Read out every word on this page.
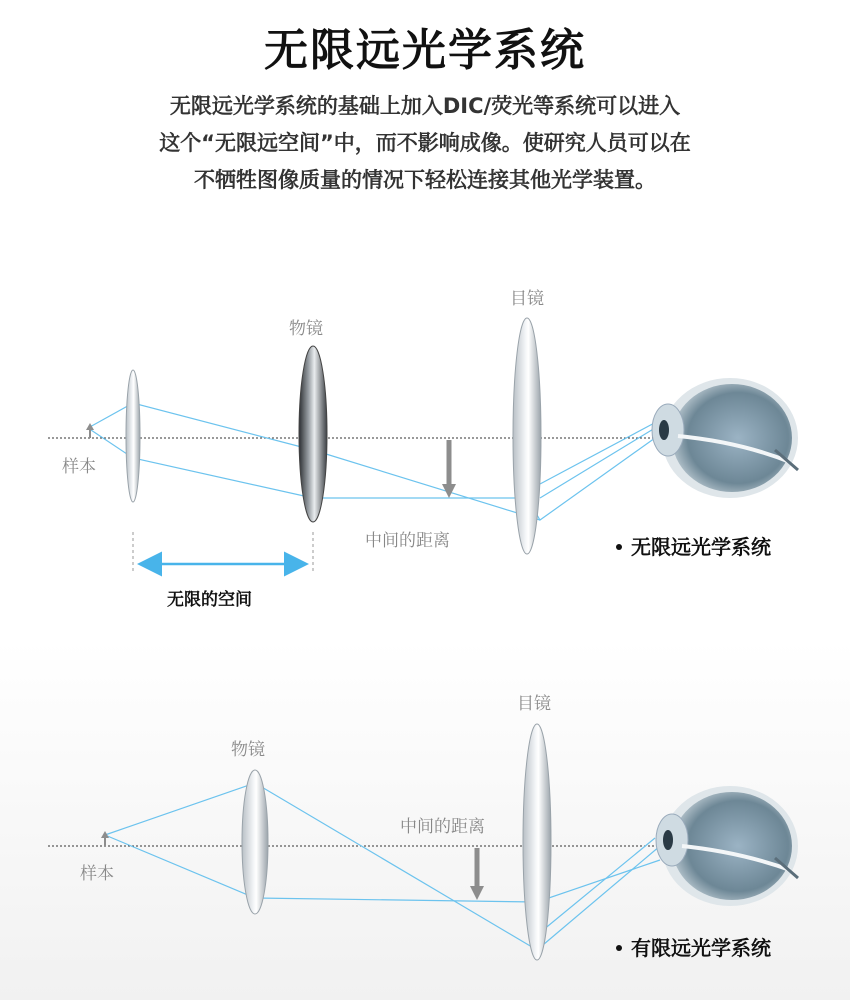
无限远光学系统
无限远光学系统的基础上加入DIC/荧光等系统可以进入
这个“无限远空间”中，而不影响成像。使研究人员可以在
不牺牲图像质量的情况下轻松连接其他光学装置。
样本
物镜
中间的距离
目镜
无限的空间
无限远光学系统
样本
物镜
中间的距离
目镜
有限远光学系统
